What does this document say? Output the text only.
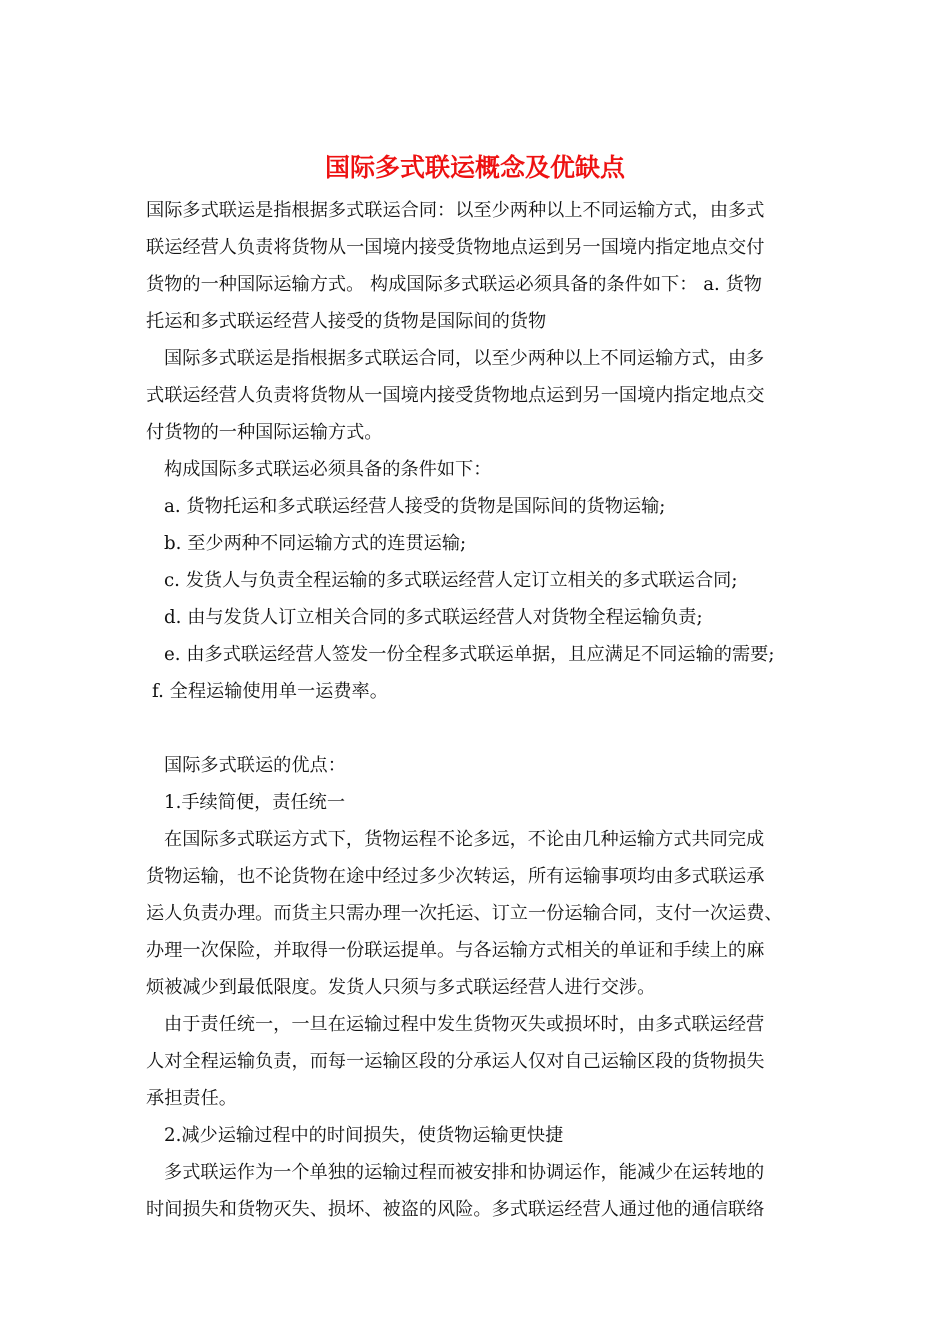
国际多式联运概念及优缺点
国际多式联运是指根据多式联运合同：以至少两种以上不同运输方式，由多式
联运经营人负责将货物从一国境内接受货物地点运到另一国境内指定地点交付
货物的一种国际运输方式。 构成国际多式联运必须具备的条件如下： a. 货物
托运和多式联运经营人接受的货物是国际间的货物
国际多式联运是指根据多式联运合同，以至少两种以上不同运输方式，由多
式联运经营人负责将货物从一国境内接受货物地点运到另一国境内指定地点交
付货物的一种国际运输方式。
构成国际多式联运必须具备的条件如下：
a. 货物托运和多式联运经营人接受的货物是国际间的货物运输;
b. 至少两种不同运输方式的连贯运输;
c. 发货人与负责全程运输的多式联运经营人定订立相关的多式联运合同;
d. 由与发货人订立相关合同的多式联运经营人对货物全程运输负责;
e. 由多式联运经营人签发一份全程多式联运单据，且应满足不同运输的需要;
f. 全程运输使用单一运费率。
国际多式联运的优点：
1.手续简便，责任统一
在国际多式联运方式下，货物运程不论多远，不论由几种运输方式共同完成
货物运输，也不论货物在途中经过多少次转运，所有运输事项均由多式联运承
运人负责办理。而货主只需办理一次托运、订立一份运输合同，支付一次运费、
办理一次保险，并取得一份联运提单。与各运输方式相关的单证和手续上的麻
烦被减少到最低限度。发货人只须与多式联运经营人进行交涉。
由于责任统一，一旦在运输过程中发生货物灭失或损坏时，由多式联运经营
人对全程运输负责，而每一运输区段的分承运人仅对自己运输区段的货物损失
承担责任。
2.减少运输过程中的时间损失，使货物运输更快捷
多式联运作为一个单独的运输过程而被安排和协调运作，能减少在运转地的
时间损失和货物灭失、损坏、被盗的风险。多式联运经营人通过他的通信联络
